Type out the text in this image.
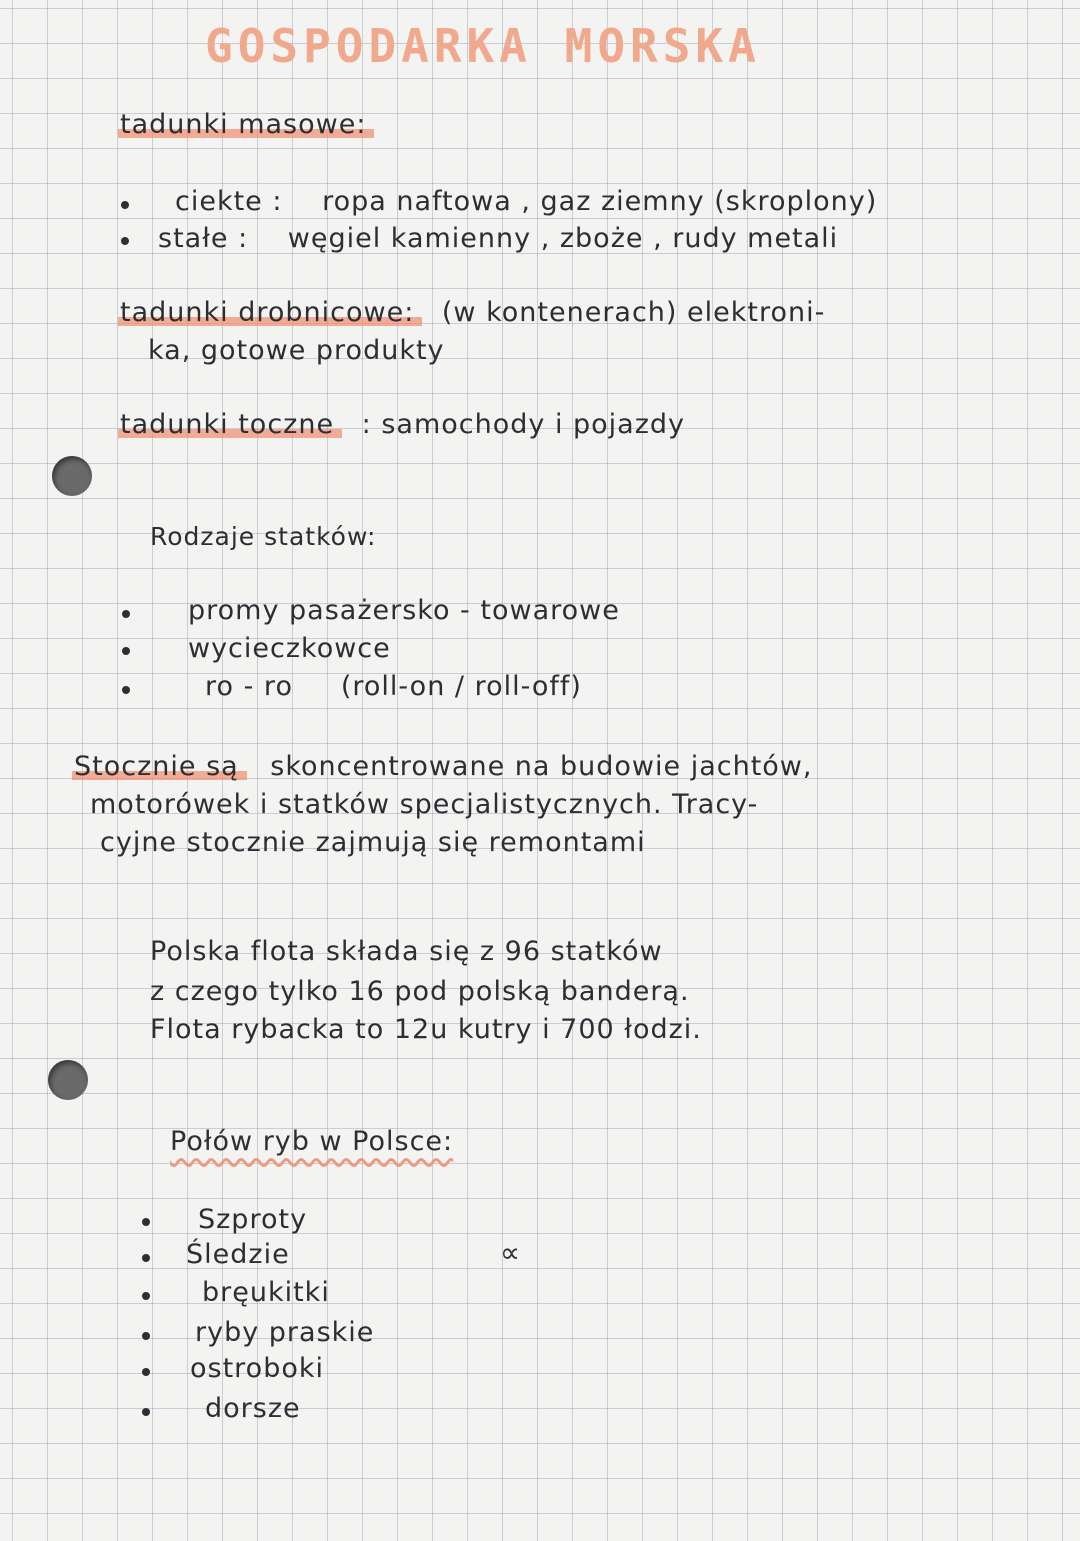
GOSPODARKA MORSKA
tadunki masowe:
ciekte : ropa naftowa , gaz ziemny (skroplony)
stałe : węgiel kamienny , zboże , rudy metali
tadunki drobnicowe: (w kontenerach) elektroni-
ka, gotowe produkty
tadunki toczne : samochody i pojazdy
Rodzaje statków:
promy pasażersko - towarowe
wycieczkowce
ro - ro     (roll-on / roll-off)
Stocznie są skoncentrowane na budowie jachtów,
motorówek i statków specjalistycznych. Tracy-
cyjne stocznie zajmują się remontami
Polska flota składa się z 96 statków
z czego tylko 16 pod polską banderą.
Flota rybacka to 12u kutry i 700 łodzi.
Połów ryb w Polsce:
Szproty
Śledzie
bręukitki
ryby praskie
ostroboki
dorsze
∝
